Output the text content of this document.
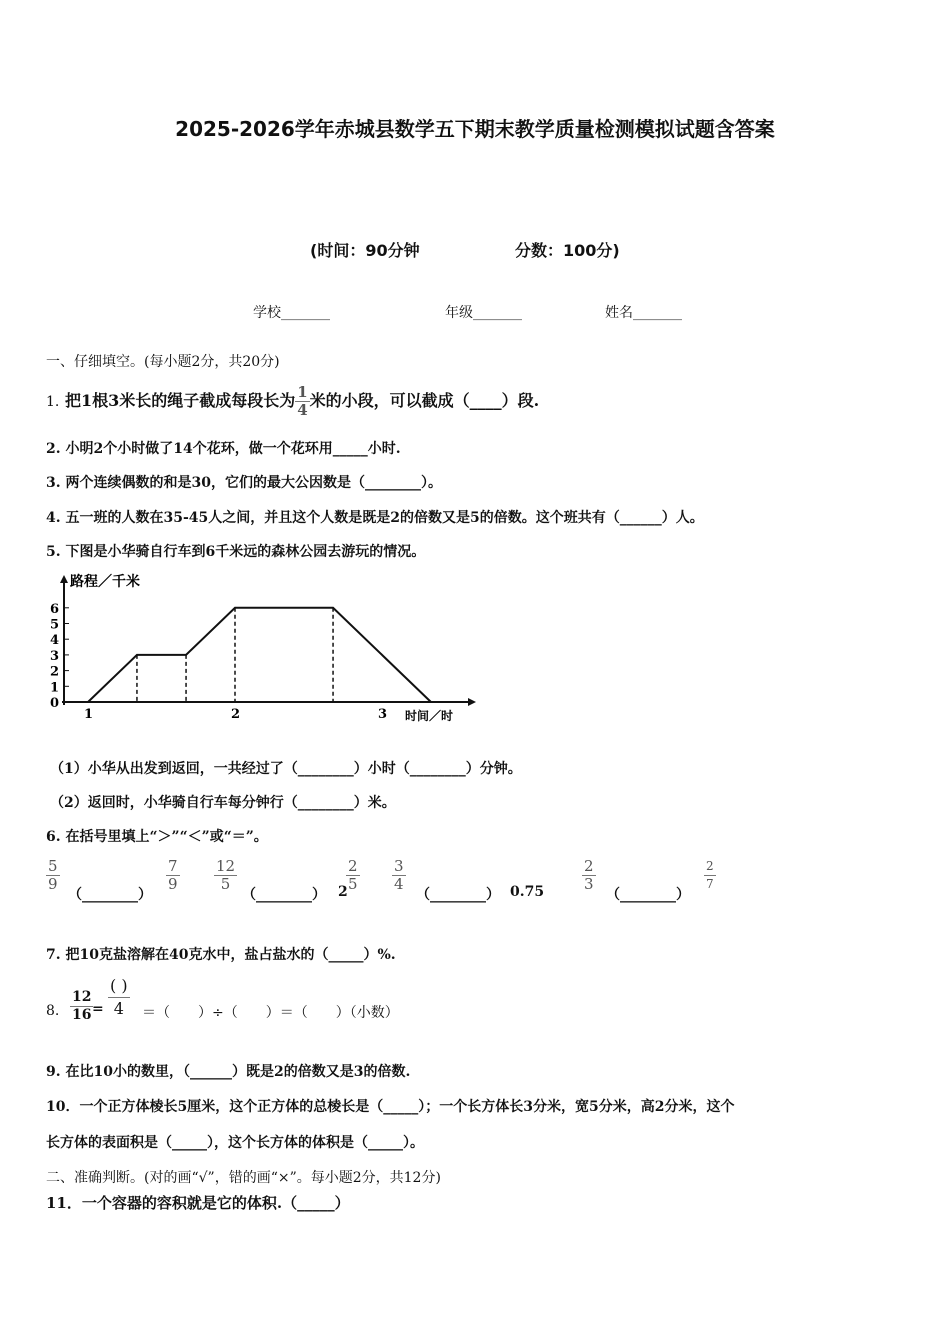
2025-2026学年赤城县数学五下期末教学质量检测模拟试题含答案
(时间：90分钟	分数：100分)
学校_______	年级_______	姓名_______
一、仔细填空。(每小题2分，共20分)
1. 把1根3米长的绳子截成每段长为 $\frac{1}{4}$ 米的小段，可以截成（____）段.
2. 小明2个小时做了14个花环，做一个花环用_____小时.
3. 两个连续偶数的和是30，它们的最大公因数是（________）。
4. 五一班的人数在35-45人之间，并且这个人数是既是2的倍数又是5的倍数。这个班共有（______）人。
5. 下图是小华骑自行车到6千米远的森林公园去游玩的情况。
路程／千米
时间／时
0
1
2
3
4
5
6
1	2	3
（1）小华从出发到返回，一共经过了（________）小时（________）分钟。
（2）返回时，小华骑自行车每分钟行（________）米。
6. 在括号里填上“＞”“＜”或“＝”。
$\frac{5}{9}$
（________）
$\frac{7}{9} \frac{12}{5}$
（________） 2
$\frac{2}{5} \frac{3}{4}$
（________） 0.75	$\frac{2}{3}$
（________）
$\frac{2}{7}$
7. 把10克盐溶解在40克水中，盐占盐水的（_____）%.
8. $\frac{12}{16}$
=
( )
4 ＝（　　）÷（　　）＝（　　）（小数）
9. 在比10小的数里，（______）既是2的倍数又是3的倍数.
10．一个正方体棱长5厘米，这个正方体的总棱长是（_____）；一个长方体长3分米，宽5分米，高2分米，这个
长方体的表面积是（_____），这个长方体的体积是（_____）。
二、准确判断。(对的画“√”，错的画“×”。每小题2分，共12分)
11．一个容器的容积就是它的体积.（_____）
